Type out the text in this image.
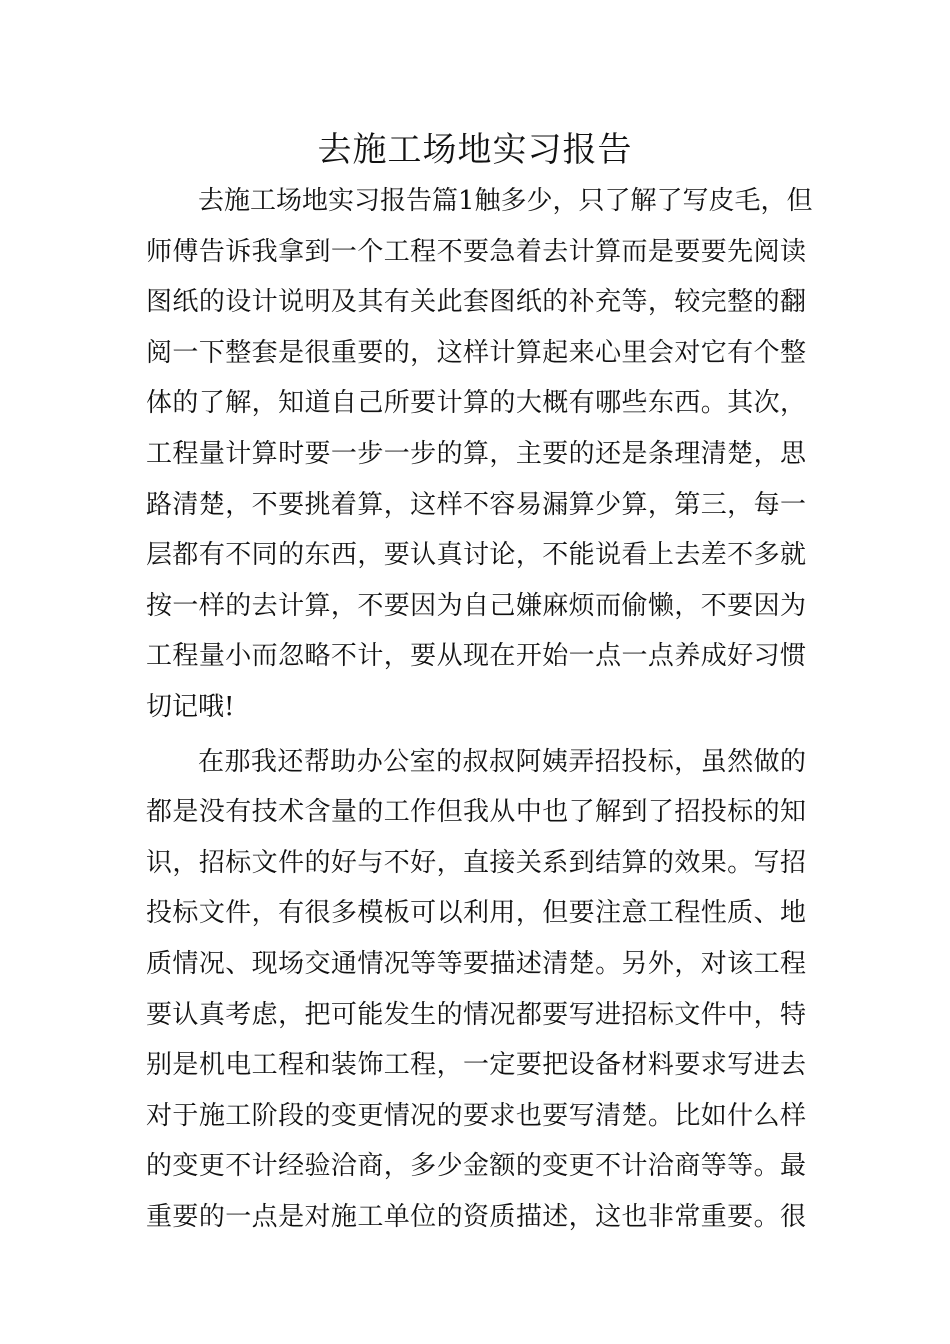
去施工场地实习报告
去施工场地实习报告篇1触多少，只了解了写皮毛，但
师傅告诉我拿到一个工程不要急着去计算而是要要先阅读
图纸的设计说明及其有关此套图纸的补充等，较完整的翻
阅一下整套是很重要的，这样计算起来心里会对它有个整
体的了解，知道自己所要计算的大概有哪些东西。其次，
工程量计算时要一步一步的算，主要的还是条理清楚，思
路清楚，不要挑着算，这样不容易漏算少算，第三，每一
层都有不同的东西，要认真讨论，不能说看上去差不多就
按一样的去计算，不要因为自己嫌麻烦而偷懒，不要因为
工程量小而忽略不计，要从现在开始一点一点养成好习惯
切记哦!
在那我还帮助办公室的叔叔阿姨弄招投标，虽然做的
都是没有技术含量的工作但我从中也了解到了招投标的知
识，招标文件的好与不好，直接关系到结算的效果。写招
投标文件，有很多模板可以利用，但要注意工程性质、地
质情况、现场交通情况等等要描述清楚。另外，对该工程
要认真考虑，把可能发生的情况都要写进招标文件中，特
别是机电工程和装饰工程，一定要把设备材料要求写进去
对于施工阶段的变更情况的要求也要写清楚。比如什么样
的变更不计经验洽商，多少金额的变更不计洽商等等。最
重要的一点是对施工单位的资质描述，这也非常重要。很
